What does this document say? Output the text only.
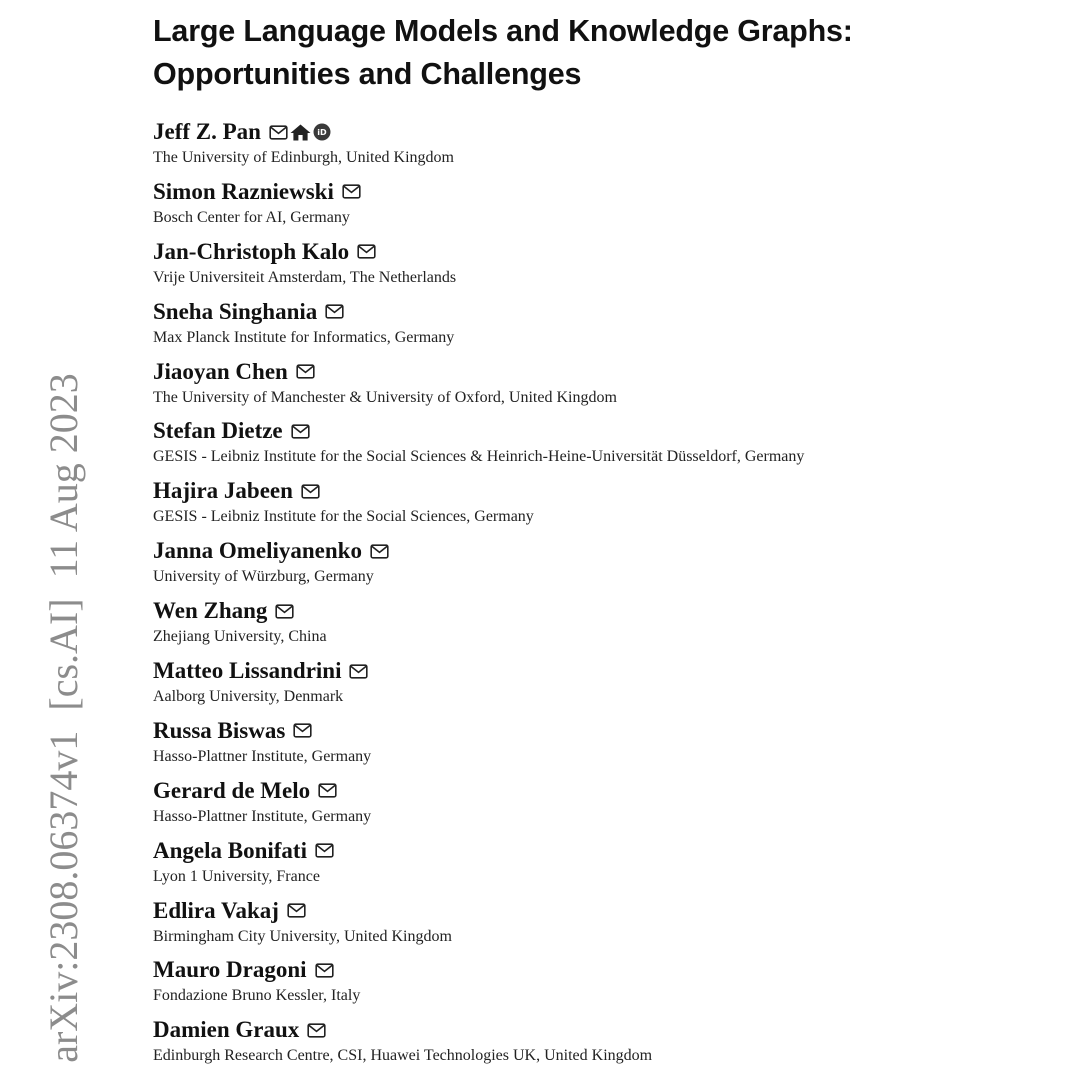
arXiv:2308.06374v1  [cs.AI]  11 Aug 2023
Large Language Models and Knowledge Graphs:
Opportunities and Challenges
Jeff Z. Pan	iD
The University of Edinburgh, United Kingdom
Simon Razniewski
Bosch Center for AI, Germany
Jan-Christoph Kalo
Vrije Universiteit Amsterdam, The Netherlands
Sneha Singhania
Max Planck Institute for Informatics, Germany
Jiaoyan Chen
The University of Manchester & University of Oxford, United Kingdom
Stefan Dietze
GESIS - Leibniz Institute for the Social Sciences & Heinrich-Heine-Universität Düsseldorf, Germany
Hajira Jabeen
GESIS - Leibniz Institute for the Social Sciences, Germany
Janna Omeliyanenko
University of Würzburg, Germany
Wen Zhang
Zhejiang University, China
Matteo Lissandrini
Aalborg University, Denmark
Russa Biswas
Hasso-Plattner Institute, Germany
Gerard de Melo
Hasso-Plattner Institute, Germany
Angela Bonifati
Lyon 1 University, France
Edlira Vakaj
Birmingham City University, United Kingdom
Mauro Dragoni
Fondazione Bruno Kessler, Italy
Damien Graux
Edinburgh Research Centre, CSI, Huawei Technologies UK, United Kingdom
